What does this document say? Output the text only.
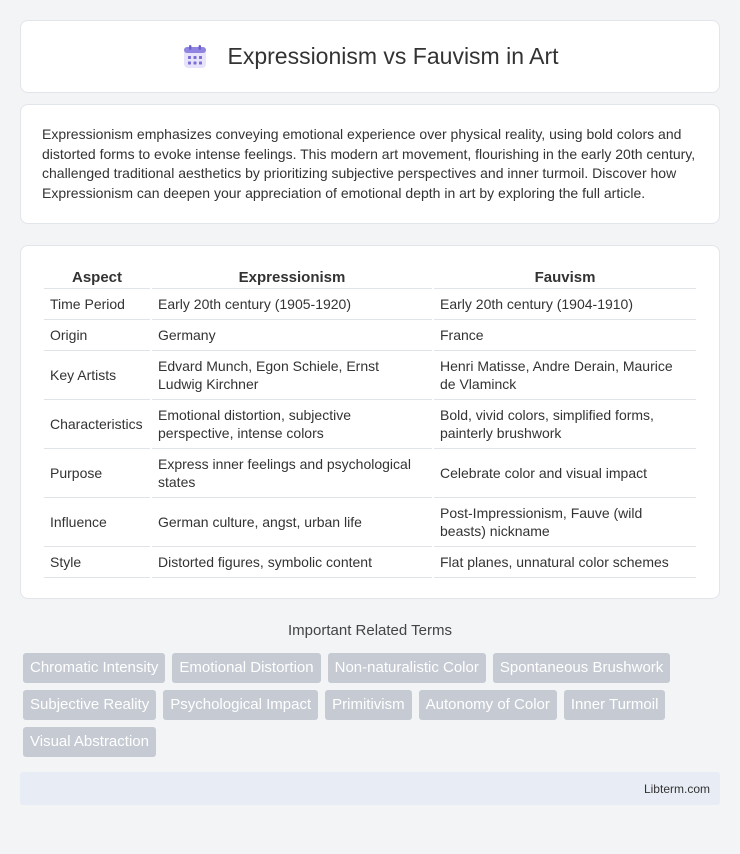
Expressionism vs Fauvism in Art

Expressionism emphasizes conveying emotional experience over physical reality, using bold colors and distorted forms to evoke intense feelings. This modern art movement, flourishing in the early 20th century, challenged traditional aesthetics by prioritizing subjective perspectives and inner turmoil. Discover how Expressionism can deepen your appreciation of emotional depth in art by exploring the full article.

Aspect	Expressionism	Fauvism
Time Period	Early 20th century (1905-1920)	Early 20th century (1904-1910)
Origin	Germany	France
Key Artists	Edvard Munch, Egon Schiele, Ernst Ludwig Kirchner	Henri Matisse, Andre Derain, Maurice de Vlaminck
Characteristics	Emotional distortion, subjective perspective, intense colors	Bold, vivid colors, simplified forms, painterly brushwork
Purpose	Express inner feelings and psychological states	Celebrate color and visual impact
Influence	German culture, angst, urban life	Post-Impressionism, Fauve (wild beasts) nickname
Style	Distorted figures, symbolic content	Flat planes, unnatural color schemes
Important Related Terms
Chromatic Intensity	Emotional Distortion	Non-naturalistic Color	Spontaneous Brushwork
Subjective Reality	Psychological Impact	Primitivism	Autonomy of Color	Inner Turmoil
Visual Abstraction
Libterm.com
